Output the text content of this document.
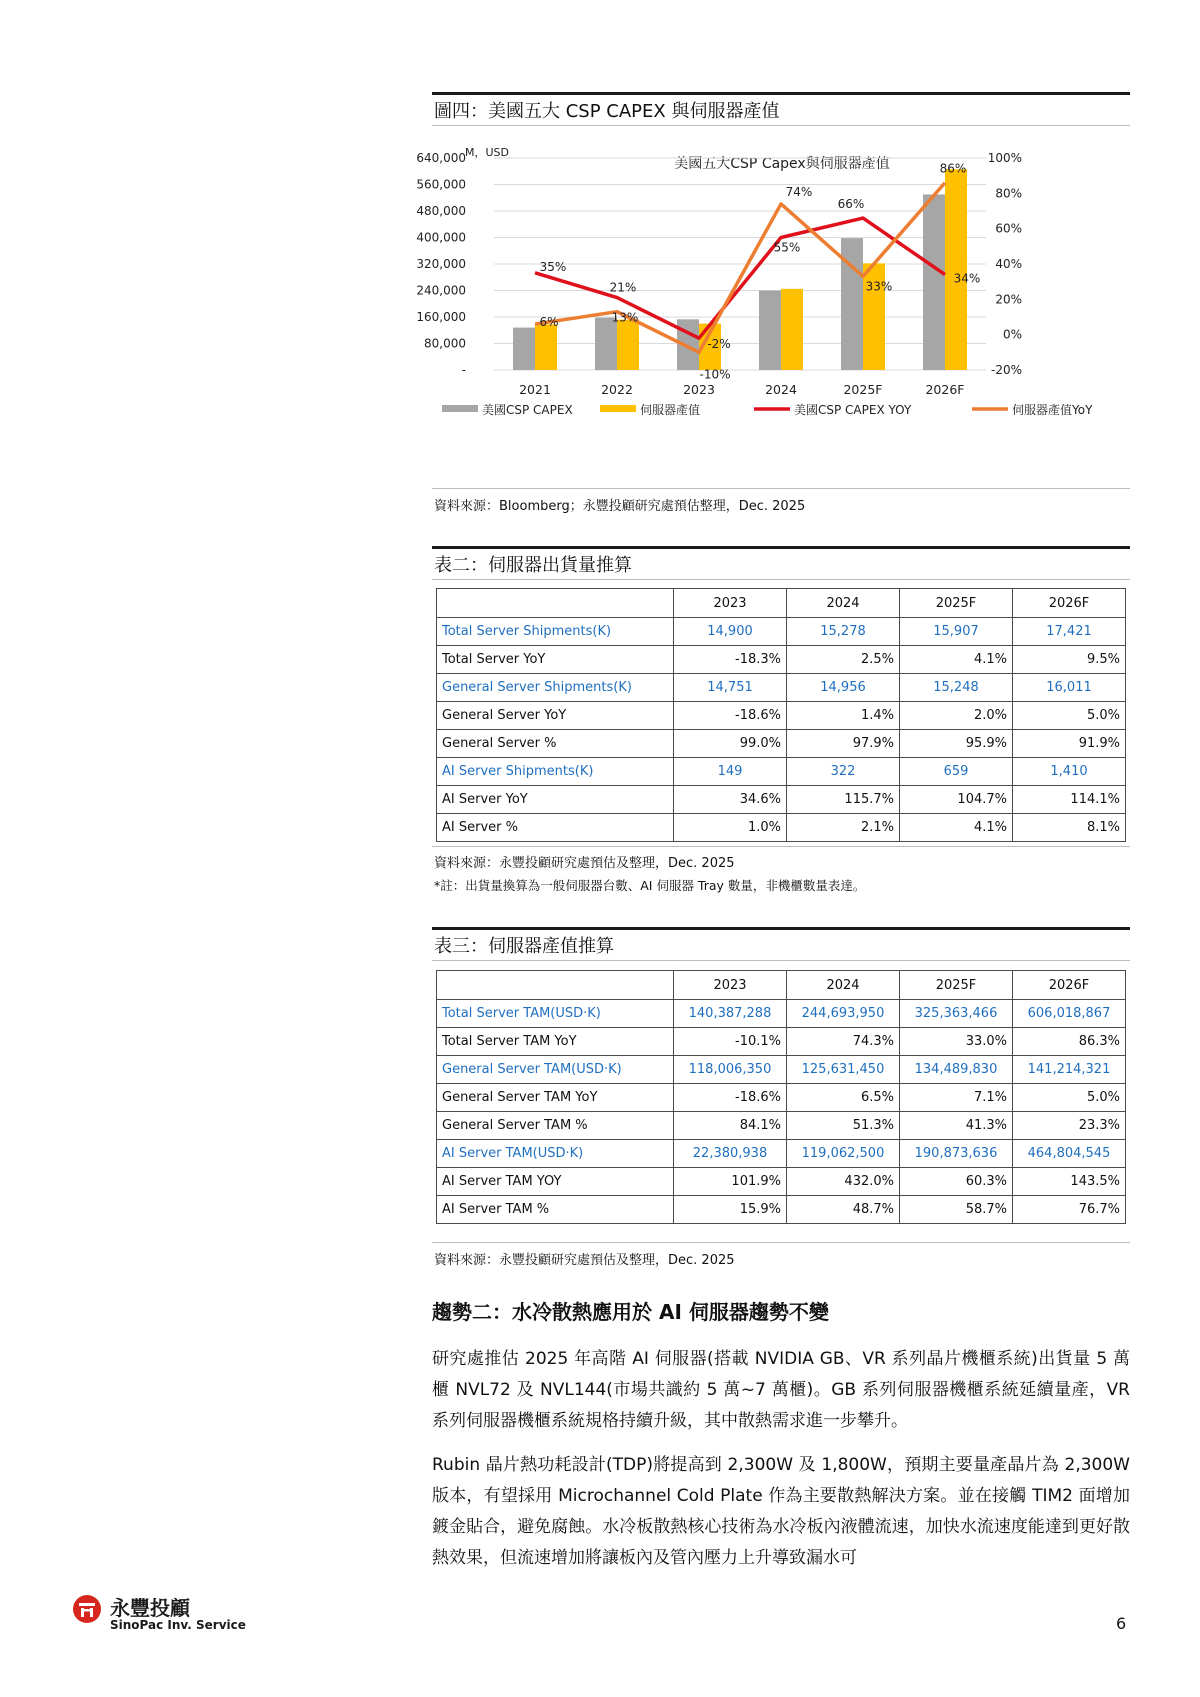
圖四：美國五大 CSP CAPEX 與伺服器產值
美國五大CSP Capex與伺服器產值
M，USD
640,000
560,000
480,000
400,000
320,000
240,000
160,000
80,000
-
100%
80%
60%
40%
20%
0%
-20%
35%
21%
-2%
55%
66%
34%
6%	13%
-10%
74%
33%
86%
2021	2022	2023	2024	2025F	2026F
美國CSP CAPEX	伺服器產值	美國CSP CAPEX YOY	伺服器產值YoY
資料來源：Bloomberg；永豐投顧研究處預估整理，Dec. 2025
表二：伺服器出貨量推算
	2023	2024	2025F	2026F
Total Server Shipments(K)	14,900	15,278	15,907	17,421
Total Server YoY	-18.3%	2.5%	4.1%	9.5%
General Server Shipments(K)	14,751	14,956	15,248	16,011
General Server YoY	-18.6%	1.4%	2.0%	5.0%
General Server %	99.0%	97.9%	95.9%	91.9%
AI Server Shipments(K)	149	322	659	1,410
AI Server YoY	34.6%	115.7%	104.7%	114.1%
AI Server %	1.0%	2.1%	4.1%	8.1%
資料來源：永豐投顧研究處預估及整理，Dec. 2025
*註：出貨量換算為一般伺服器台數、AI 伺服器 Tray 數量，非機櫃數量表達。
表三：伺服器產值推算
	2023	2024	2025F	2026F
Total Server TAM(USD‧K)	140,387,288	244,693,950	325,363,466	606,018,867
Total Server TAM YoY	-10.1%	74.3%	33.0%	86.3%
General Server TAM(USD‧K)	118,006,350	125,631,450	134,489,830	141,214,321
General Server TAM YoY	-18.6%	6.5%	7.1%	5.0%
General Server TAM %	84.1%	51.3%	41.3%	23.3%
AI Server TAM(USD‧K)	22,380,938	119,062,500	190,873,636	464,804,545
AI Server TAM YOY	101.9%	432.0%	60.3%	143.5%
AI Server TAM %	15.9%	48.7%	58.7%	76.7%
資料來源：永豐投顧研究處預估及整理，Dec. 2025
趨勢二：水冷散熱應用於 AI 伺服器趨勢不變
研究處推估 2025 年高階 AI 伺服器(搭載 NVIDIA GB、VR 系列晶片機櫃系統)出貨量 5 萬櫃 NVL72 及 NVL144(市場共識約 5 萬~7 萬櫃)。GB 系列伺服器機櫃系統延續量產，VR 系列伺服器機櫃系統規格持續升級，其中散熱需求進一步攀升。
Rubin 晶片熱功耗設計(TDP)將提高到 2,300W 及 1,800W，預期主要量產晶片為 2,300W 版本，有望採用 Microchannel Cold Plate 作為主要散熱解決方案。並在接觸 TIM2 面增加鍍金貼合，避免腐蝕。水冷板散熱核心技術為水冷板內液體流速，加快水流速度能達到更好散熱效果，但流速增加將讓板內及管內壓力上升導致漏水可
永豐投顧
SinoPac Inv. Service	6
